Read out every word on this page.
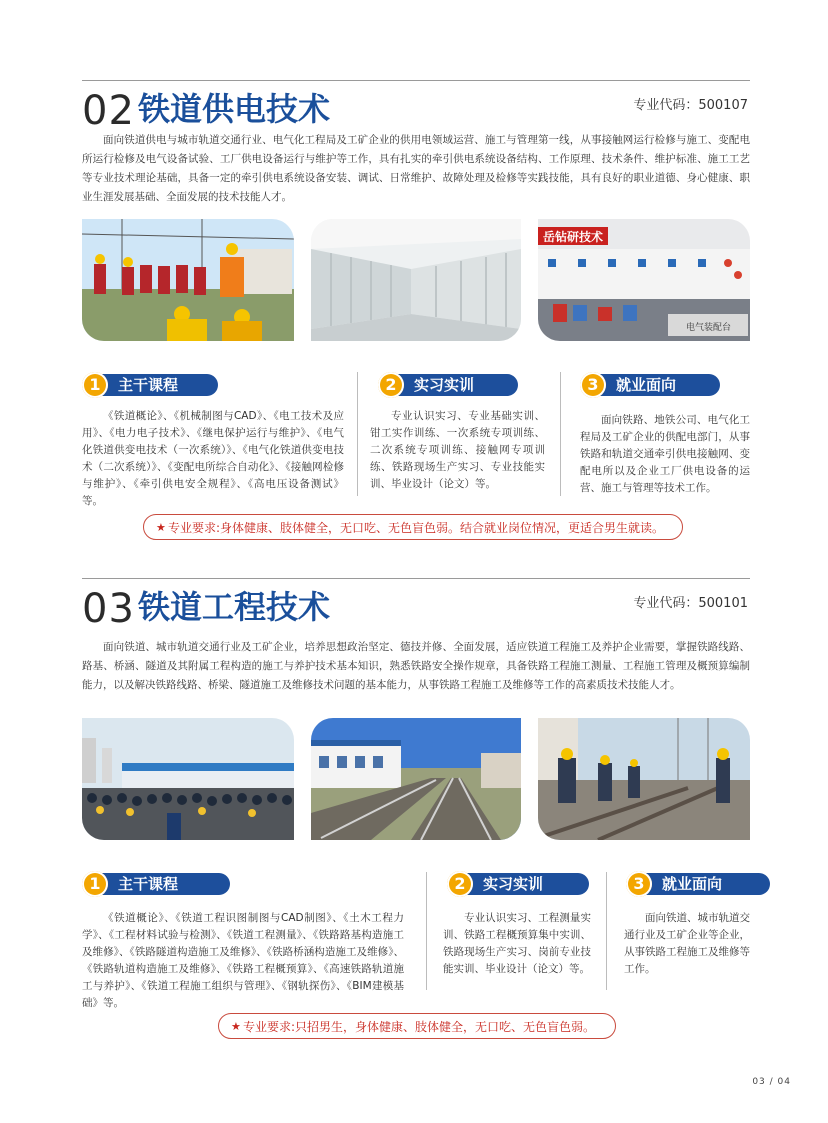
02 铁道供电技术	专业代码：500107

面向铁道供电与城市轨道交通行业、电气化工程局及工矿企业的供用电领域运营、施工与管理第一线，从事接触网运行检修与施工、变配电所运行检修及电气设备试验、工厂供电设备运行与维护等工作，具有扎实的牵引供电系统设备结构、工作原理、技术条件、维护标准、施工工艺等专业技术理论基础，具备一定的牵引供电系统设备安装、调试、日常维护、故障处理及检修等实践技能，具有良好的职业道德、身心健康、职业生涯发展基础、全面发展的技术技能人才。

岳钻研技术
电气装配台
主干课程
1

《铁道概论》、《机械制图与CAD》、《电工技术及应用》、《电力电子技术》、《继电保护运行与维护》、《电气化铁道供变电技术（一次系统）》、《电气化铁道供变电技术（二次系统）》、《变配电所综合自动化》、《接触网检修与维护》、《牵引供电安全规程》、《高电压设备测试》等。

实习实训
2

专业认识实习、专业基础实训、钳工实作训练、一次系统专项训练、二次系统专项训练、接触网专项训练、铁路现场生产实习、专业技能实训、毕业设计（论文）等。

就业面向
3

面向铁路、地铁公司、电气化工程局及工矿企业的供配电部门，从事铁路和轨道交通牵引供电接触网、变配电所以及企业工厂供电设备的运营、施工与管理等技术工作。

★ 专业要求:身体健康、肢体健全，无口吃、无色盲色弱。结合就业岗位情况，更适合男生就读。
03 铁道工程技术	专业代码：500101

面向铁道、城市轨道交通行业及工矿企业，培养思想政治坚定、德技并修、全面发展，适应铁道工程施工及养护企业需要，掌握铁路线路、路基、桥涵、隧道及其附属工程构造的施工与养护技术基本知识，熟悉铁路安全操作规章，具备铁路工程施工测量、工程施工管理及概预算编制能力，以及解决铁路线路、桥梁、隧道施工及维修技术问题的基本能力，从事铁路工程施工及维修等工作的高素质技术技能人才。

主干课程
1

《铁道概论》、《铁道工程识图制图与CAD制图》、《土木工程力学》、《工程材料试验与检测》、《铁道工程测量》、《铁路路基构造施工及维修》、《铁路隧道构造施工及维修》、《铁路桥涵构造施工及维修》、《铁路轨道构造施工及维修》、《铁路工程概预算》、《高速铁路轨道施工与养护》、《铁道工程施工组织与管理》、《钢轨探伤》、《BIM建模基础》等。

实习实训
2

专业认识实习、工程测量实训、铁路工程概预算集中实训、铁路现场生产实习、岗前专业技能实训、毕业设计（论文）等。

就业面向
3

面向铁道、城市轨道交通行业及工矿企业等企业，从事铁路工程施工及维修等工作。

★ 专业要求:只招男生，身体健康、肢体健全，无口吃、无色盲色弱。
03 / 04
